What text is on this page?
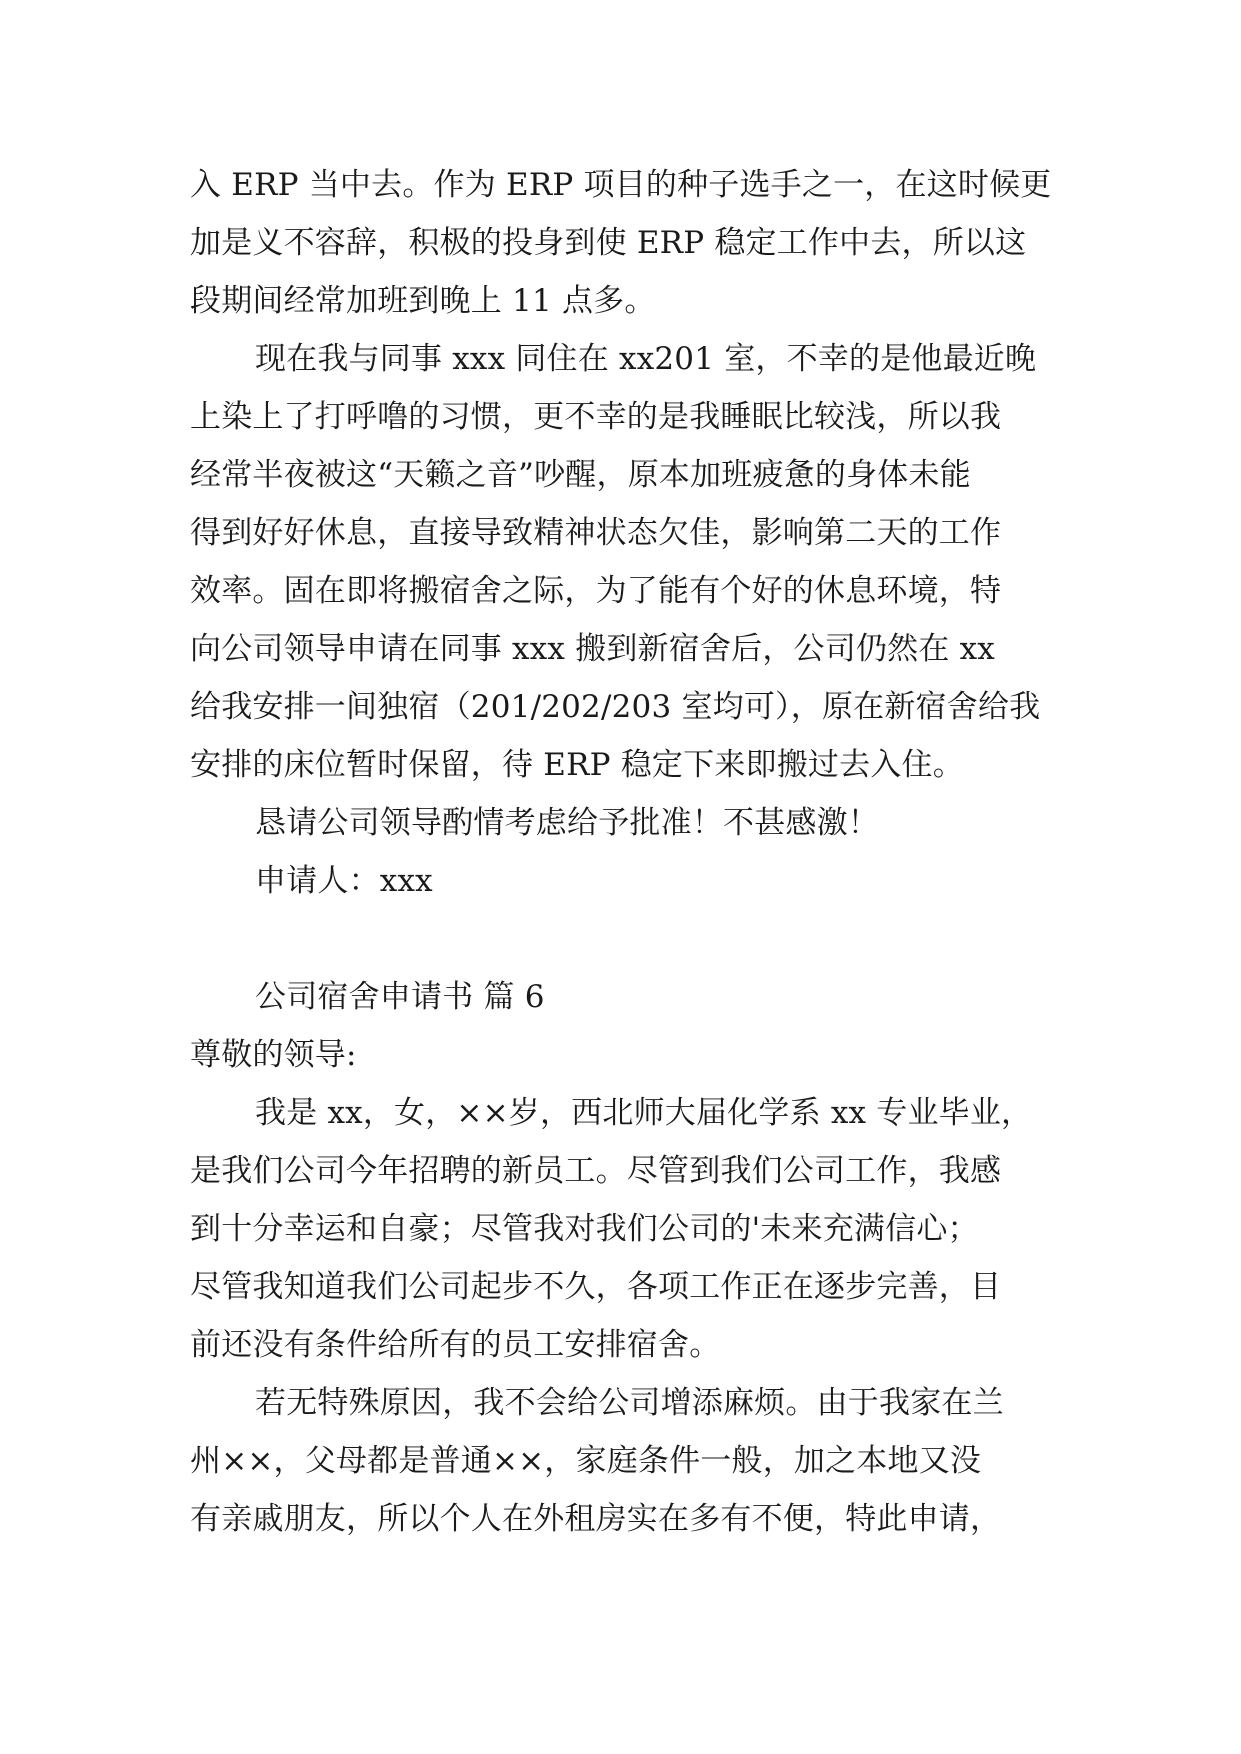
入 ERP 当中去。作为 ERP 项目的种子选手之一，在这时候更

加是义不容辞，积极的投身到使 ERP 稳定工作中去，所以这

段期间经常加班到晚上 11 点多。

现在我与同事 xxx 同住在 xx201 室，不幸的是他最近晚

上染上了打呼噜的习惯，更不幸的是我睡眠比较浅，所以我

经常半夜被这“天籁之音”吵醒，原本加班疲惫的身体未能

得到好好休息，直接导致精神状态欠佳，影响第二天的工作

效率。固在即将搬宿舍之际，为了能有个好的休息环境，特

向公司领导申请在同事 xxx 搬到新宿舍后，公司仍然在 xx

给我安排一间独宿（201/202/203 室均可），原在新宿舍给我

安排的床位暂时保留，待 ERP 稳定下来即搬过去入住。

恳请公司领导酌情考虑给予批准！不甚感激！

申请人：xxx

公司宿舍申请书 篇 6

尊敬的领导:

我是 xx，女，××岁，西北师大届化学系 xx 专业毕业，

是我们公司今年招聘的新员工。尽管到我们公司工作，我感

到十分幸运和自豪；尽管我对我们公司的'未来充满信心；

尽管我知道我们公司起步不久，各项工作正在逐步完善，目

前还没有条件给所有的员工安排宿舍。

若无特殊原因，我不会给公司增添麻烦。由于我家在兰

州××，父母都是普通××，家庭条件一般，加之本地又没

有亲戚朋友，所以个人在外租房实在多有不便，特此申请，
